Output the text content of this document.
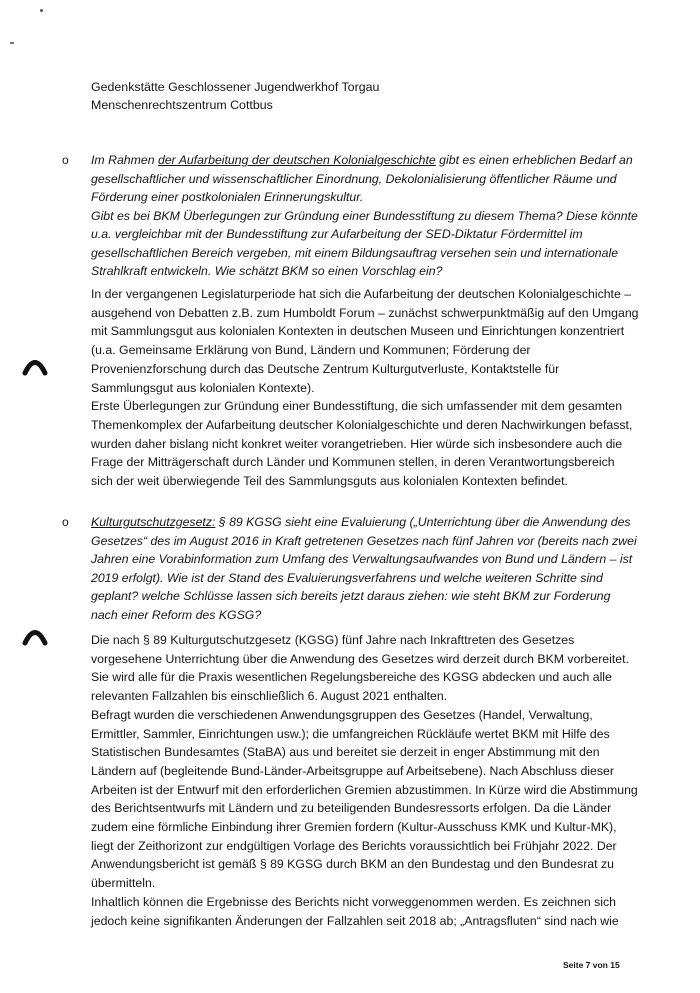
Gedenkstätte Geschlossener Jugendwerkhof Torgau
Menschenrechtszentrum Cottbus
o Im Rahmen der Aufarbeitung der deutschen Kolonialgeschichte gibt es einen erheblichen Bedarf an gesellschaftlicher und wissenschaftlicher Einordnung, Dekolonialisierung öffentlicher Räume und Förderung einer postkolonialen Erinnerungskultur.

Gibt es bei BKM Überlegungen zur Gründung einer Bundesstiftung zu diesem Thema? Diese könnte u.a. vergleichbar mit der Bundesstiftung zur Aufarbeitung der SED-Diktatur Fördermittel im gesellschaftlichen Bereich vergeben, mit einem Bildungsauftrag versehen sein und internationale Strahlkraft entwickeln. Wie schätzt BKM so einen Vorschlag ein?

In der vergangenen Legislaturperiode hat sich die Aufarbeitung der deutschen Kolonialgeschichte – ausgehend von Debatten z.B. zum Humboldt Forum – zunächst schwerpunktmäßig auf den Umgang mit Sammlungsgut aus kolonialen Kontexten in deutschen Museen und Einrichtungen konzentriert (u.a. Gemeinsame Erklärung von Bund, Ländern und Kommunen; Förderung der Provenienzforschung durch das Deutsche Zentrum Kulturgutverluste, Kontaktstelle für Sammlungsgut aus kolonialen Kontexte).

Erste Überlegungen zur Gründung einer Bundesstiftung, die sich umfassender mit dem gesamten Themenkomplex der Aufarbeitung deutscher Kolonialgeschichte und deren Nachwirkungen befasst, wurden daher bislang nicht konkret weiter vorangetrieben. Hier würde sich insbesondere auch die Frage der Mitträgerschaft durch Länder und Kommunen stellen, in deren Verantwortungsbereich sich der weit überwiegende Teil des Sammlungsguts aus kolonialen Kontexten befindet.

o Kulturgutschutzgesetz: § 89 KGSG sieht eine Evaluierung („Unterrichtung über die Anwendung des Gesetzes“ des im August 2016 in Kraft getretenen Gesetzes nach fünf Jahren vor (bereits nach zwei Jahren eine Vorabinformation zum Umfang des Verwaltungsaufwandes von Bund und Ländern – ist 2019 erfolgt). Wie ist der Stand des Evaluierungsverfahrens und welche weiteren Schritte sind geplant? welche Schlüsse lassen sich bereits jetzt daraus ziehen: wie steht BKM zur Forderung nach einer Reform des KGSG?

Die nach § 89 Kulturgutschutzgesetz (KGSG) fünf Jahre nach Inkrafttreten des Gesetzes vorgesehene Unterrichtung über die Anwendung des Gesetzes wird derzeit durch BKM vorbereitet. Sie wird alle für die Praxis wesentlichen Regelungsbereiche des KGSG abdecken und auch alle relevanten Fallzahlen bis einschließlich 6. August 2021 enthalten.

Befragt wurden die verschiedenen Anwendungsgruppen des Gesetzes (Handel, Verwaltung, Ermittler, Sammler, Einrichtungen usw.); die umfangreichen Rückläufe wertet BKM mit Hilfe des Statistischen Bundesamtes (StaBA) aus und bereitet sie derzeit in enger Abstimmung mit den Ländern auf (begleitende Bund-Länder-Arbeitsgruppe auf Arbeitsebene). Nach Abschluss dieser Arbeiten ist der Entwurf mit den erforderlichen Gremien abzustimmen. In Kürze wird die Abstimmung des Berichtsentwurfs mit Ländern und zu beteiligenden Bundesressorts erfolgen. Da die Länder zudem eine förmliche Einbindung ihrer Gremien fordern (Kultur-Ausschuss KMK und Kultur-MK), liegt der Zeithorizont zur endgültigen Vorlage des Berichts voraussichtlich bei Frühjahr 2022. Der Anwendungsbericht ist gemäß § 89 KGSG durch BKM an den Bundestag und den Bundesrat zu übermitteln.

Inhaltlich können die Ergebnisse des Berichts nicht vorweggenommen werden. Es zeichnen sich jedoch keine signifikanten Änderungen der Fallzahlen seit 2018 ab; „Antragsfluten“ sind nach wie

Seite 7 von 15
